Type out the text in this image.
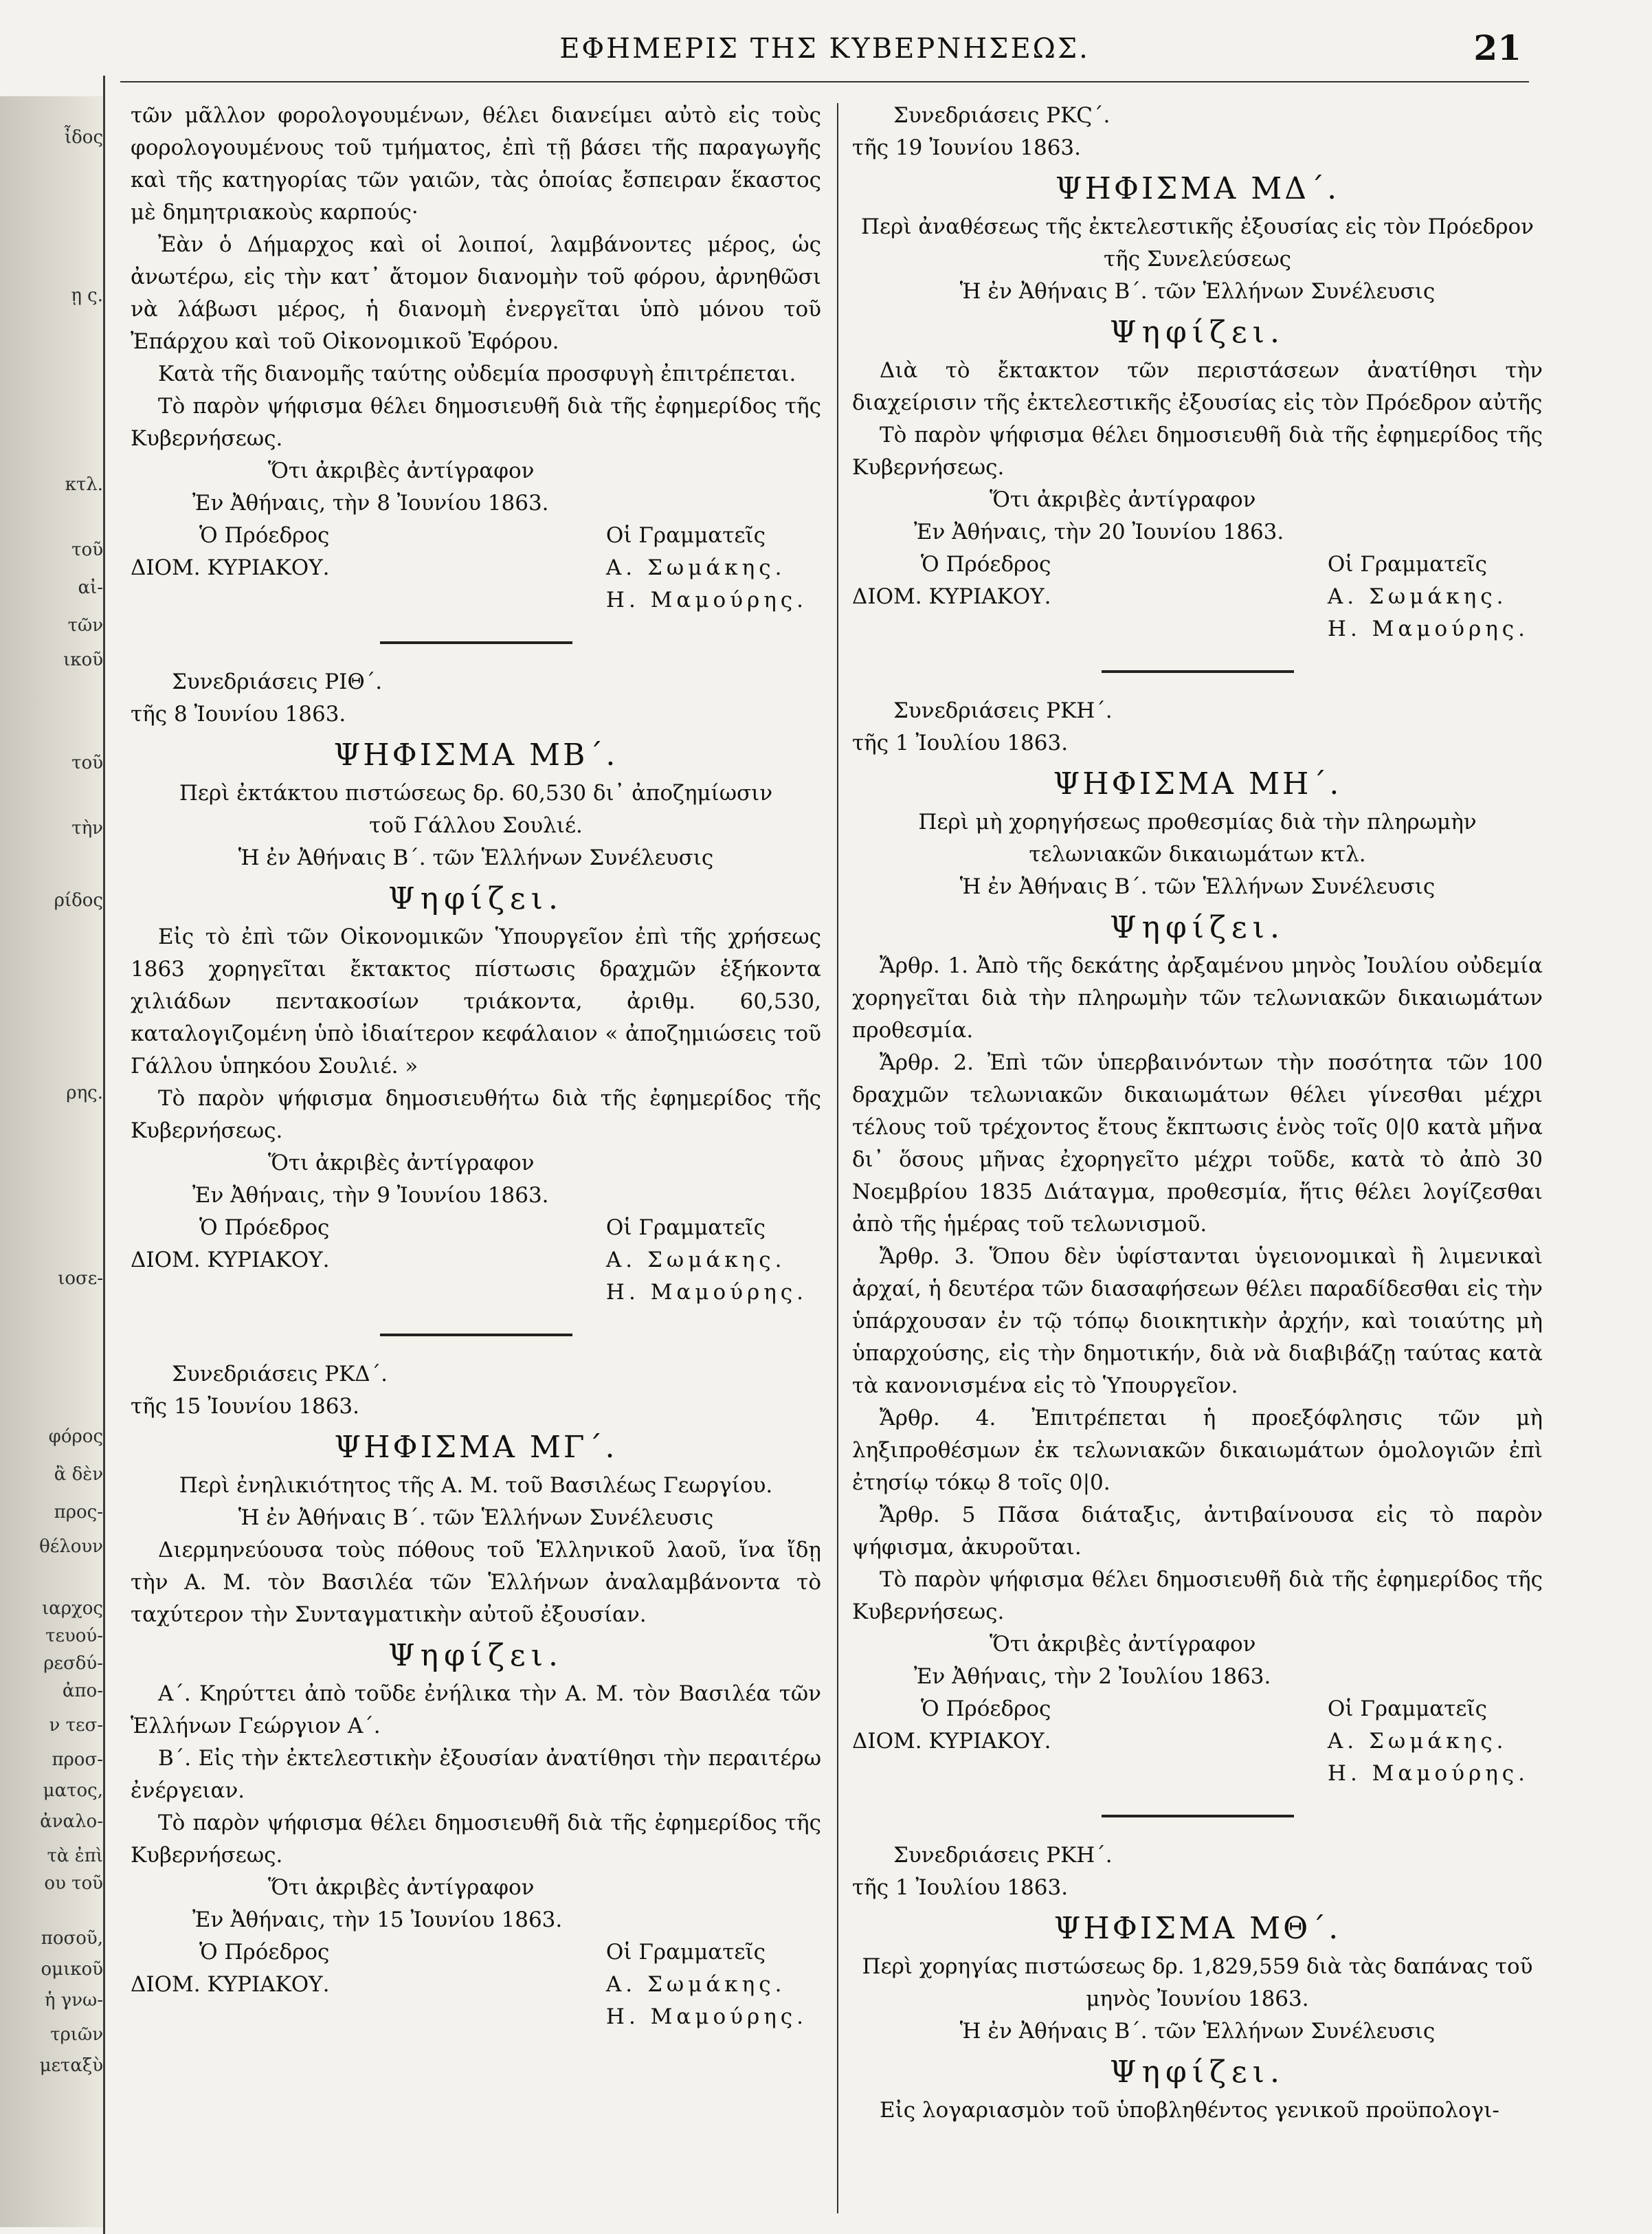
ἶδος
ῃ ς.
κτλ.
τοῦ
αἰ-
τῶν
ικοῦ
τοῦ
τὴν
ρίδος
ρης.
ιοσε-
φόρος
ἂ δὲν
προς-
θέλουν
ιαρχος
τευού-
ρεσδύ-
ἀπο-
ν τεσ-
προσ-
ματος,
ἀναλο-
τὰ ἐπὶ
ου τοῦ
ποσοῦ,
ομικοῦ
ἡ γνω-
τριῶν
μεταξὺ
ΕΦΗΜΕΡΙΣ ΤΗΣ ΚΥΒΕΡΝΗΣΕΩΣ.	21

τῶν μᾶλλον φορολογουμένων, θέλει διανείμει αὐτὸ εἰς τοὺς φορολογουμένους τοῦ τμήματος, ἐπὶ τῇ βάσει τῆς παραγωγῆς καὶ τῆς κατηγορίας τῶν γαιῶν, τὰς ὁποίας ἔσπειραν ἕκαστος μὲ δημητριακοὺς καρπούς·

Ἐὰν ὁ Δήμαρχος καὶ οἱ λοιποί, λαμβάνοντες μέρος, ὡς ἀνωτέρω, εἰς τὴν κατ᾽ ἄτομον διανομὴν τοῦ φόρου, ἀρνηθῶσι νὰ λάβωσι μέρος, ἡ διανομὴ ἐνεργεῖται ὑπὸ μόνου τοῦ Ἐπάρχου καὶ τοῦ Οἰκονομικοῦ Ἐφόρου.

Κατὰ τῆς διανομῆς ταύτης οὐδεμία προσφυγὴ ἐπιτρέπεται.

Τὸ παρὸν ψήφισμα θέλει δημοσιευθῆ διὰ τῆς ἐφημερίδος τῆς Κυβερνήσεως.

Ὅτι ἀκριβὲς ἀντίγραφον

Ἐν Ἀθήναις, τὴν 8 Ἰουνίου 1863.

Ὁ Πρόεδρος
ΔΙΟΜ. ΚΥΡΙΑΚΟΥ.
Οἱ Γραμματεῖς
Α. Σωμάκης.
Η. Μαμούρης.

Συνεδριάσεις ΡΙΘ΄.

τῆς 8 Ἰουνίου 1863.

ΨΗΦΙΣΜΑ ΜΒ΄.

Περὶ ἐκτάκτου πιστώσεως δρ. 60,530 δι᾽ ἀποζημίωσιν
τοῦ Γάλλου Σουλιέ.

Ἡ ἐν Ἀθήναις Β΄. τῶν Ἑλλήνων Συνέλευσις

Ψηφίζει.

Εἰς τὸ ἐπὶ τῶν Οἰκονομικῶν Ὑπουργεῖον ἐπὶ τῆς χρήσεως 1863 χορηγεῖται ἔκτακτος πίστωσις δραχμῶν ἑξήκοντα χιλιάδων πεντακοσίων τριάκοντα, ἀριθμ. 60,530, καταλογιζομένη ὑπὸ ἰδιαίτερον κεφάλαιον « ἀποζημιώσεις τοῦ Γάλλου ὑπηκόου Σουλιέ. »

Τὸ παρὸν ψήφισμα δημοσιευθήτω διὰ τῆς ἐφημερίδος τῆς Κυβερνήσεως.

Ὅτι ἀκριβὲς ἀντίγραφον

Ἐν Ἀθήναις, τὴν 9 Ἰουνίου 1863.

Ὁ Πρόεδρος
ΔΙΟΜ. ΚΥΡΙΑΚΟΥ.
Οἱ Γραμματεῖς
Α. Σωμάκης.
Η. Μαμούρης.

Συνεδριάσεις ΡΚΔ΄.

τῆς 15 Ἰουνίου 1863.

ΨΗΦΙΣΜΑ ΜΓ΄.

Περὶ ἐνηλικιότητος τῆς Α. Μ. τοῦ Βασιλέως Γεωργίου.

Ἡ ἐν Ἀθήναις Β΄. τῶν Ἑλλήνων Συνέλευσις

Διερμηνεύουσα τοὺς πόθους τοῦ Ἑλληνικοῦ λαοῦ, ἵνα ἴδῃ τὴν Α. Μ. τὸν Βασιλέα τῶν Ἑλλήνων ἀναλαμβάνοντα τὸ ταχύτερον τὴν Συνταγματικὴν αὐτοῦ ἐξουσίαν.

Ψηφίζει.

Α΄. Κηρύττει ἀπὸ τοῦδε ἐνήλικα τὴν Α. Μ. τὸν Βασιλέα τῶν Ἑλλήνων Γεώργιον Α΄.

Β΄. Εἰς τὴν ἐκτελεστικὴν ἐξουσίαν ἀνατίθησι τὴν περαιτέρω ἐνέργειαν.

Τὸ παρὸν ψήφισμα θέλει δημοσιευθῆ διὰ τῆς ἐφημερίδος τῆς Κυβερνήσεως.

Ὅτι ἀκριβὲς ἀντίγραφον

Ἐν Ἀθήναις, τὴν 15 Ἰουνίου 1863.

Ὁ Πρόεδρος
ΔΙΟΜ. ΚΥΡΙΑΚΟΥ.
Οἱ Γραμματεῖς
Α. Σωμάκης.
Η. Μαμούρης.

Συνεδριάσεις ΡΚϚ΄.

τῆς 19 Ἰουνίου 1863.

ΨΗΦΙΣΜΑ ΜΔ΄.

Περὶ ἀναθέσεως τῆς ἐκτελεστικῆς ἐξουσίας εἰς τὸν Πρόεδρον τῆς Συνελεύσεως

Ἡ ἐν Ἀθήναις Β΄. τῶν Ἑλλήνων Συνέλευσις

Ψηφίζει.

Διὰ τὸ ἔκτακτον τῶν περιστάσεων ἀνατίθησι τὴν διαχείρισιν τῆς ἐκτελεστικῆς ἐξουσίας εἰς τὸν Πρόεδρον αὐτῆς

Τὸ παρὸν ψήφισμα θέλει δημοσιευθῆ διὰ τῆς ἐφημερίδος τῆς Κυβερνήσεως.

Ὅτι ἀκριβὲς ἀντίγραφον

Ἐν Ἀθήναις, τὴν 20 Ἰουνίου 1863.

Ὁ Πρόεδρος
ΔΙΟΜ. ΚΥΡΙΑΚΟΥ.
Οἱ Γραμματεῖς
Α. Σωμάκης.
Η. Μαμούρης.

Συνεδριάσεις ΡΚΗ΄.

τῆς 1 Ἰουλίου 1863.

ΨΗΦΙΣΜΑ ΜΗ΄.

Περὶ μὴ χορηγήσεως προθεσμίας διὰ τὴν πληρωμὴν τελωνιακῶν δικαιωμάτων κτλ.

Ἡ ἐν Ἀθήναις Β΄. τῶν Ἑλλήνων Συνέλευσις

Ψηφίζει.

Ἄρθρ. 1. Ἀπὸ τῆς δεκάτης ἀρξαμένου μηνὸς Ἰουλίου οὐδεμία χορηγεῖται διὰ τὴν πληρωμὴν τῶν τελωνιακῶν δικαιωμάτων προθεσμία.

Ἄρθρ. 2. Ἐπὶ τῶν ὑπερβαινόντων τὴν ποσότητα τῶν 100 δραχμῶν τελωνιακῶν δικαιωμάτων θέλει γίνεσθαι μέχρι τέλους τοῦ τρέχοντος ἔτους ἔκπτωσις ἑνὸς τοῖς 0|0 κατὰ μῆνα δι᾽ ὅσους μῆνας ἐχορηγεῖτο μέχρι τοῦδε, κατὰ τὸ ἀπὸ 30 Νοεμβρίου 1835 Διάταγμα, προθεσμία, ἥτις θέλει λογίζεσθαι ἀπὸ τῆς ἡμέρας τοῦ τελωνισμοῦ.

Ἄρθρ. 3. Ὅπου δὲν ὑφίστανται ὑγειονομικαὶ ἢ λιμενικαὶ ἀρχαί, ἡ δευτέρα τῶν διασαφήσεων θέλει παραδίδεσθαι εἰς τὴν ὑπάρχουσαν ἐν τῷ τόπῳ διοικητικὴν ἀρχήν, καὶ τοιαύτης μὴ ὑπαρχούσης, εἰς τὴν δημοτικήν, διὰ νὰ διαβιβάζῃ ταύτας κατὰ τὰ κανονισμένα εἰς τὸ Ὑπουργεῖον.

Ἄρθρ. 4. Ἐπιτρέπεται ἡ προεξόφλησις τῶν μὴ ληξιπροθέσμων ἐκ τελωνιακῶν δικαιωμάτων ὁμολογιῶν ἐπὶ ἐτησίῳ τόκῳ 8 τοῖς 0|0.

Ἄρθρ. 5 Πᾶσα διάταξις, ἀντιβαίνουσα εἰς τὸ παρὸν ψήφισμα, ἀκυροῦται.

Τὸ παρὸν ψήφισμα θέλει δημοσιευθῆ διὰ τῆς ἐφημερίδος τῆς Κυβερνήσεως.

Ὅτι ἀκριβὲς ἀντίγραφον

Ἐν Ἀθήναις, τὴν 2 Ἰουλίου 1863.

Ὁ Πρόεδρος
ΔΙΟΜ. ΚΥΡΙΑΚΟΥ.
Οἱ Γραμματεῖς
Α. Σωμάκης.
Η. Μαμούρης.

Συνεδριάσεις ΡΚΗ΄.

τῆς 1 Ἰουλίου 1863.

ΨΗΦΙΣΜΑ ΜΘ΄.

Περὶ χορηγίας πιστώσεως δρ. 1,829,559 διὰ τὰς δαπάνας τοῦ μηνὸς Ἰουνίου 1863.

Ἡ ἐν Ἀθήναις Β΄. τῶν Ἑλλήνων Συνέλευσις

Ψηφίζει.

Εἰς λογαριασμὸν τοῦ ὑποβληθέντος γενικοῦ προϋπολογι-
